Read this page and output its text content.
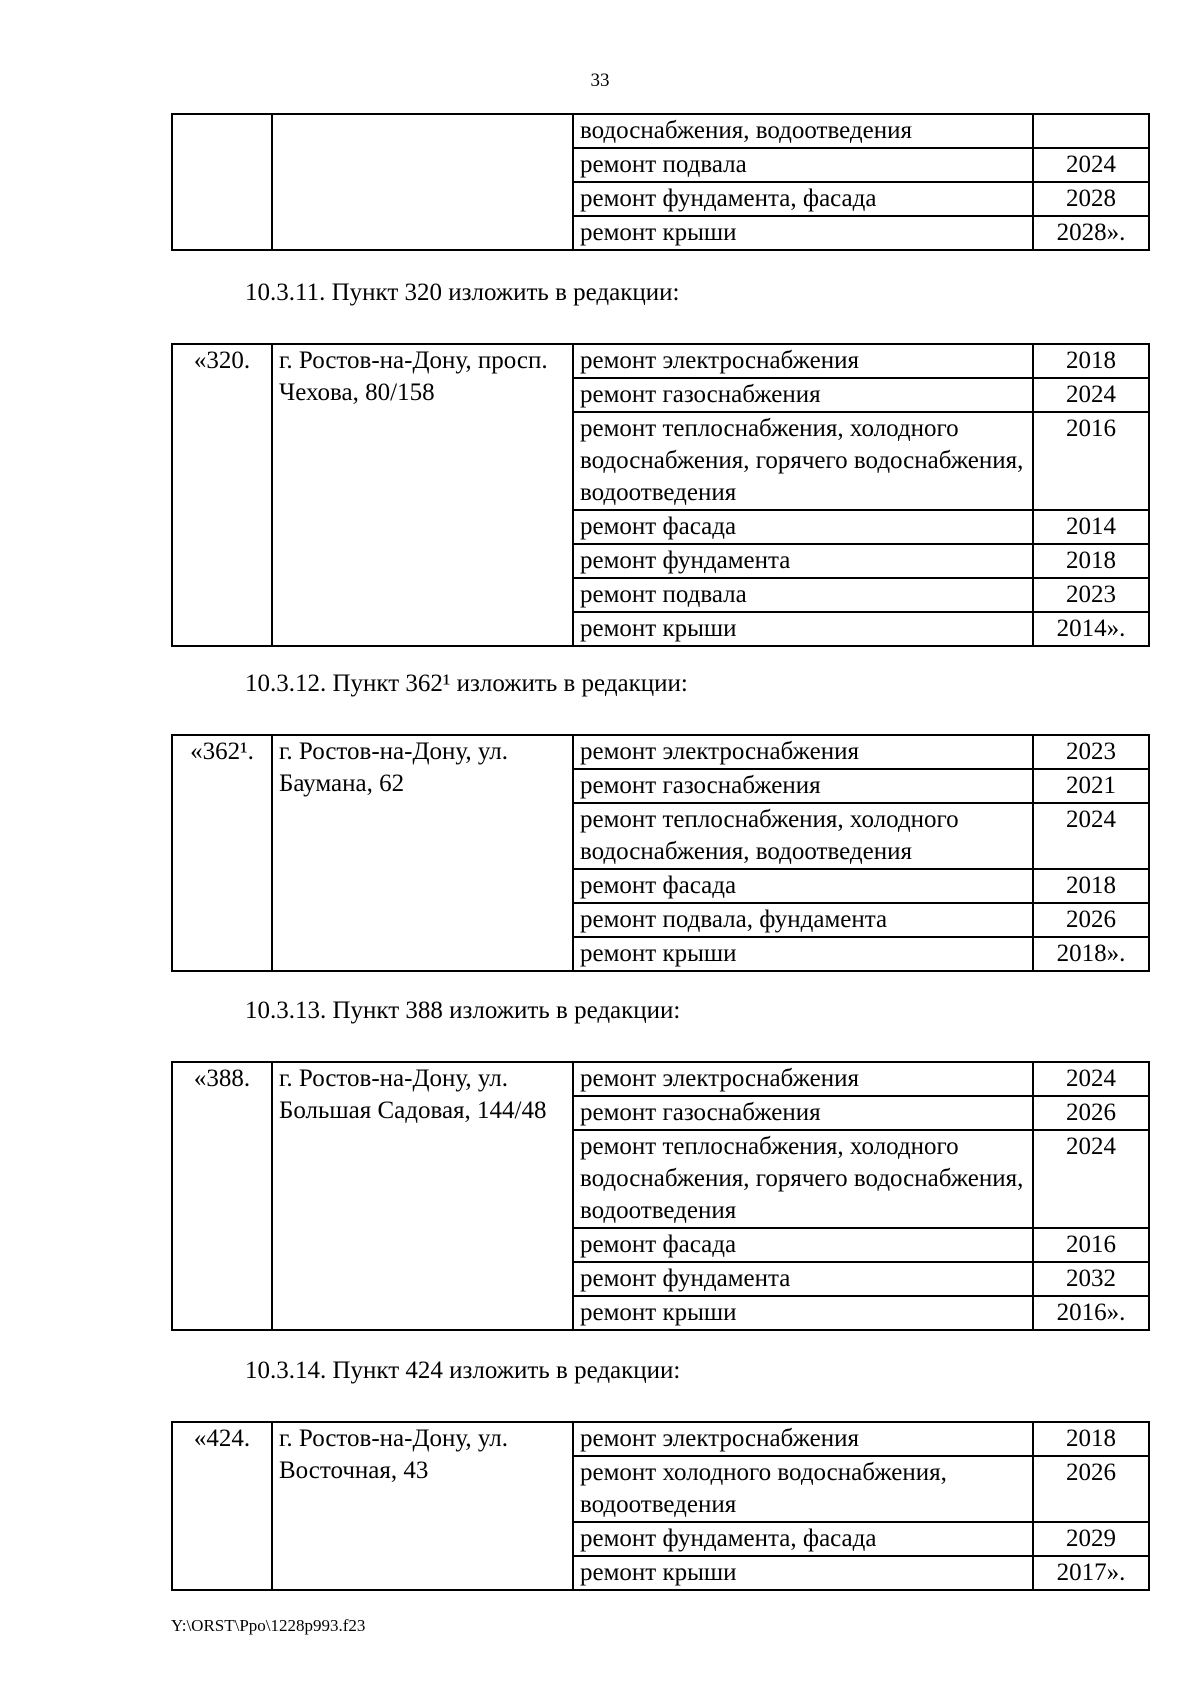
33
		водоснабжения, водоотведения	
		ремонт подвала	2024
		ремонт фундамента, фасада	2028
		ремонт крыши	2028».
10.3.11. Пункт 320 изложить в редакции:
«320.	г. Ростов-на-Дону, просп. Чехова, 80/158	ремонт электроснабжения	2018
		ремонт газоснабжения	2024
		ремонт теплоснабжения, холодного водоснабжения, горячего водоснабжения, водоотведения	2016
		ремонт фасада	2014
		ремонт фундамента	2018
		ремонт подвала	2023
		ремонт крыши	2014».
10.3.12. Пункт 362¹ изложить в редакции:
«362¹.	г. Ростов-на-Дону, ул. Баумана, 62	ремонт электроснабжения	2023
		ремонт газоснабжения	2021
		ремонт теплоснабжения, холодного водоснабжения, водоотведения	2024
		ремонт фасада	2018
		ремонт подвала, фундамента	2026
		ремонт крыши	2018».
10.3.13. Пункт 388 изложить в редакции:
«388.	г. Ростов-на-Дону, ул. Большая Садовая, 144/48	ремонт электроснабжения	2024
		ремонт газоснабжения	2026
		ремонт теплоснабжения, холодного водоснабжения, горячего водоснабжения, водоотведения	2024
		ремонт фасада	2016
		ремонт фундамента	2032
		ремонт крыши	2016».
10.3.14. Пункт 424 изложить в редакции:
«424.	г. Ростов-на-Дону, ул. Восточная, 43	ремонт электроснабжения	2018
		ремонт холодного водоснабжения, водоотведения	2026
		ремонт фундамента, фасада	2029
		ремонт крыши	2017».
Y:\ORST\Ppo\1228p993.f23
